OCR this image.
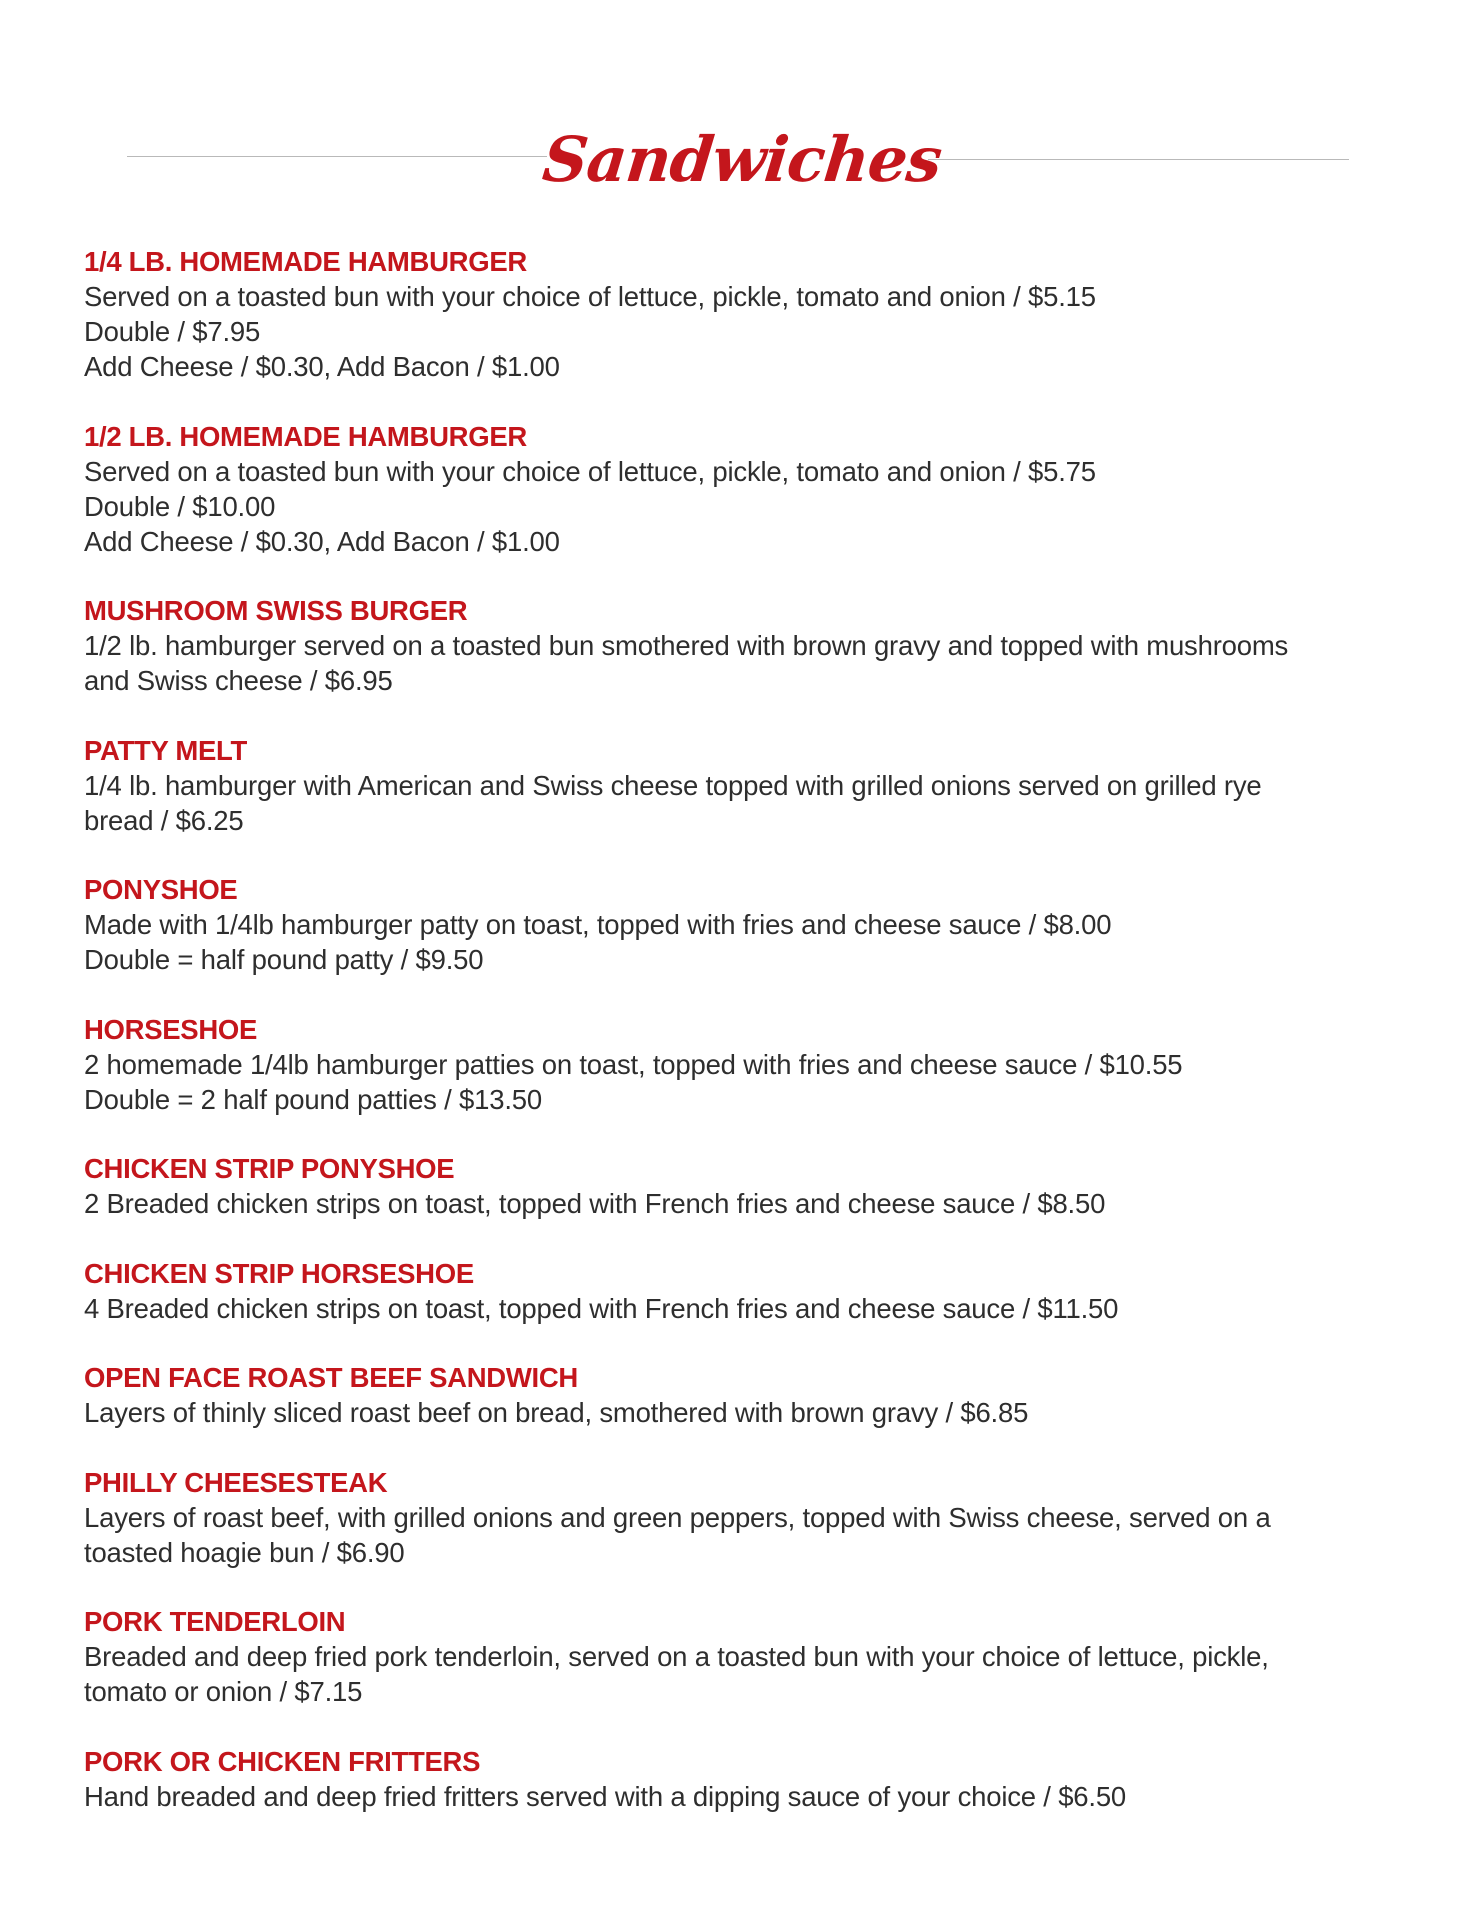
Sandwiches
1/4 LB. HOMEMADE HAMBURGER
Served on a toasted bun with your choice of lettuce, pickle, tomato and onion / $5.15
Double / $7.95
Add Cheese / $0.30, Add Bacon / $1.00
1/2 LB. HOMEMADE HAMBURGER
Served on a toasted bun with your choice of lettuce, pickle, tomato and onion / $5.75
Double / $10.00
Add Cheese / $0.30, Add Bacon / $1.00
MUSHROOM SWISS BURGER
1/2 lb. hamburger served on a toasted bun smothered with brown gravy and topped with mushrooms
and Swiss cheese / $6.95
PATTY MELT
1/4 lb. hamburger with American and Swiss cheese topped with grilled onions served on grilled rye
bread / $6.25
PONYSHOE
Made with 1/4lb hamburger patty on toast, topped with fries and cheese sauce / $8.00
Double = half pound patty / $9.50
HORSESHOE
2 homemade 1/4lb hamburger patties on toast, topped with fries and cheese sauce / $10.55
Double = 2 half pound patties / $13.50
CHICKEN STRIP PONYSHOE
2 Breaded chicken strips on toast, topped with French fries and cheese sauce / $8.50
CHICKEN STRIP HORSESHOE
4 Breaded chicken strips on toast, topped with French fries and cheese sauce / $11.50
OPEN FACE ROAST BEEF SANDWICH
Layers of thinly sliced roast beef on bread, smothered with brown gravy / $6.85
PHILLY CHEESESTEAK
Layers of roast beef, with grilled onions and green peppers, topped with Swiss cheese, served on a
toasted hoagie bun / $6.90
PORK TENDERLOIN
Breaded and deep fried pork tenderloin, served on a toasted bun with your choice of lettuce, pickle,
tomato or onion / $7.15
PORK OR CHICKEN FRITTERS
Hand breaded and deep fried fritters served with a dipping sauce of your choice / $6.50
